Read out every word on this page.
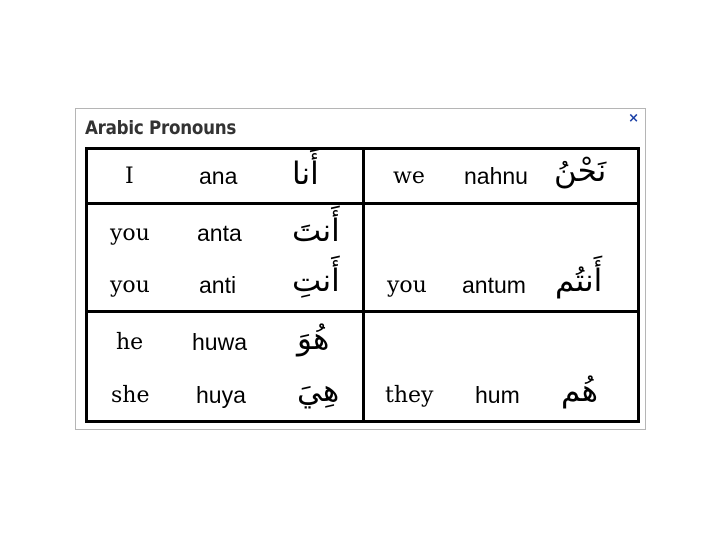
Arabic Pronouns	×
I	ana أَنا	we nahnu نَحْنُ
you anta أَنتَ
you anti أَنتِ you antum أَنتُم
he huwa هُوَ
she huya هِيَ they hum هُم
